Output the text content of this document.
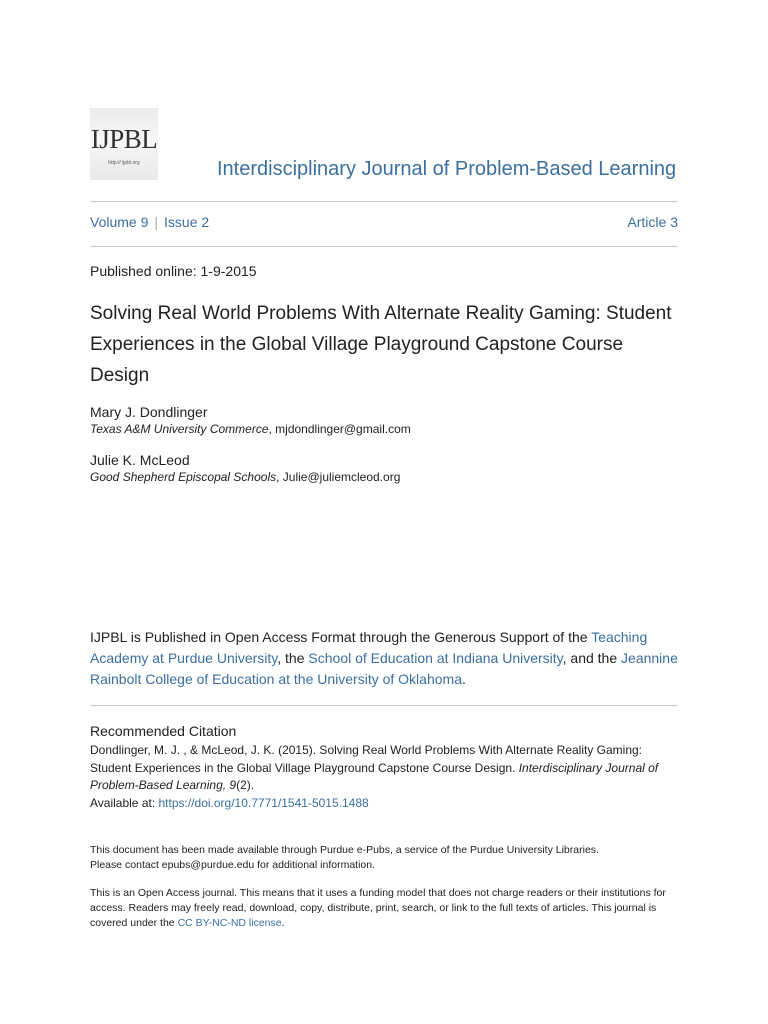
IJPBL
http:// ijpbl.org	Interdisciplinary Journal of Problem-Based Learning
Volume 9 | Issue 2	Article 3
Published online: 1-9-2015
Solving Real World Problems With Alternate Reality Gaming: Student Experiences in the Global Village Playground Capstone Course Design
Mary J. Dondlinger
Texas A&M University Commerce, mjdondlinger@gmail.com
Julie K. McLeod
Good Shepherd Episcopal Schools, Julie@juliemcleod.org
IJPBL is Published in Open Access Format through the Generous Support of the Teaching Academy at Purdue University, the School of Education at Indiana University, and the Jeannine Rainbolt College of Education at the University of Oklahoma.
Recommended Citation
Dondlinger, M. J. , & McLeod, J. K. (2015). Solving Real World Problems With Alternate Reality Gaming: Student Experiences in the Global Village Playground Capstone Course Design. Interdisciplinary Journal of Problem-Based Learning, 9(2).
Available at: https://doi.org/10.7771/1541-5015.1488
This document has been made available through Purdue e-Pubs, a service of the Purdue University Libraries.
Please contact epubs@purdue.edu for additional information.
This is an Open Access journal. This means that it uses a funding model that does not charge readers or their institutions for access. Readers may freely read, download, copy, distribute, print, search, or link to the full texts of articles. This journal is covered under the CC BY-NC-ND license.
